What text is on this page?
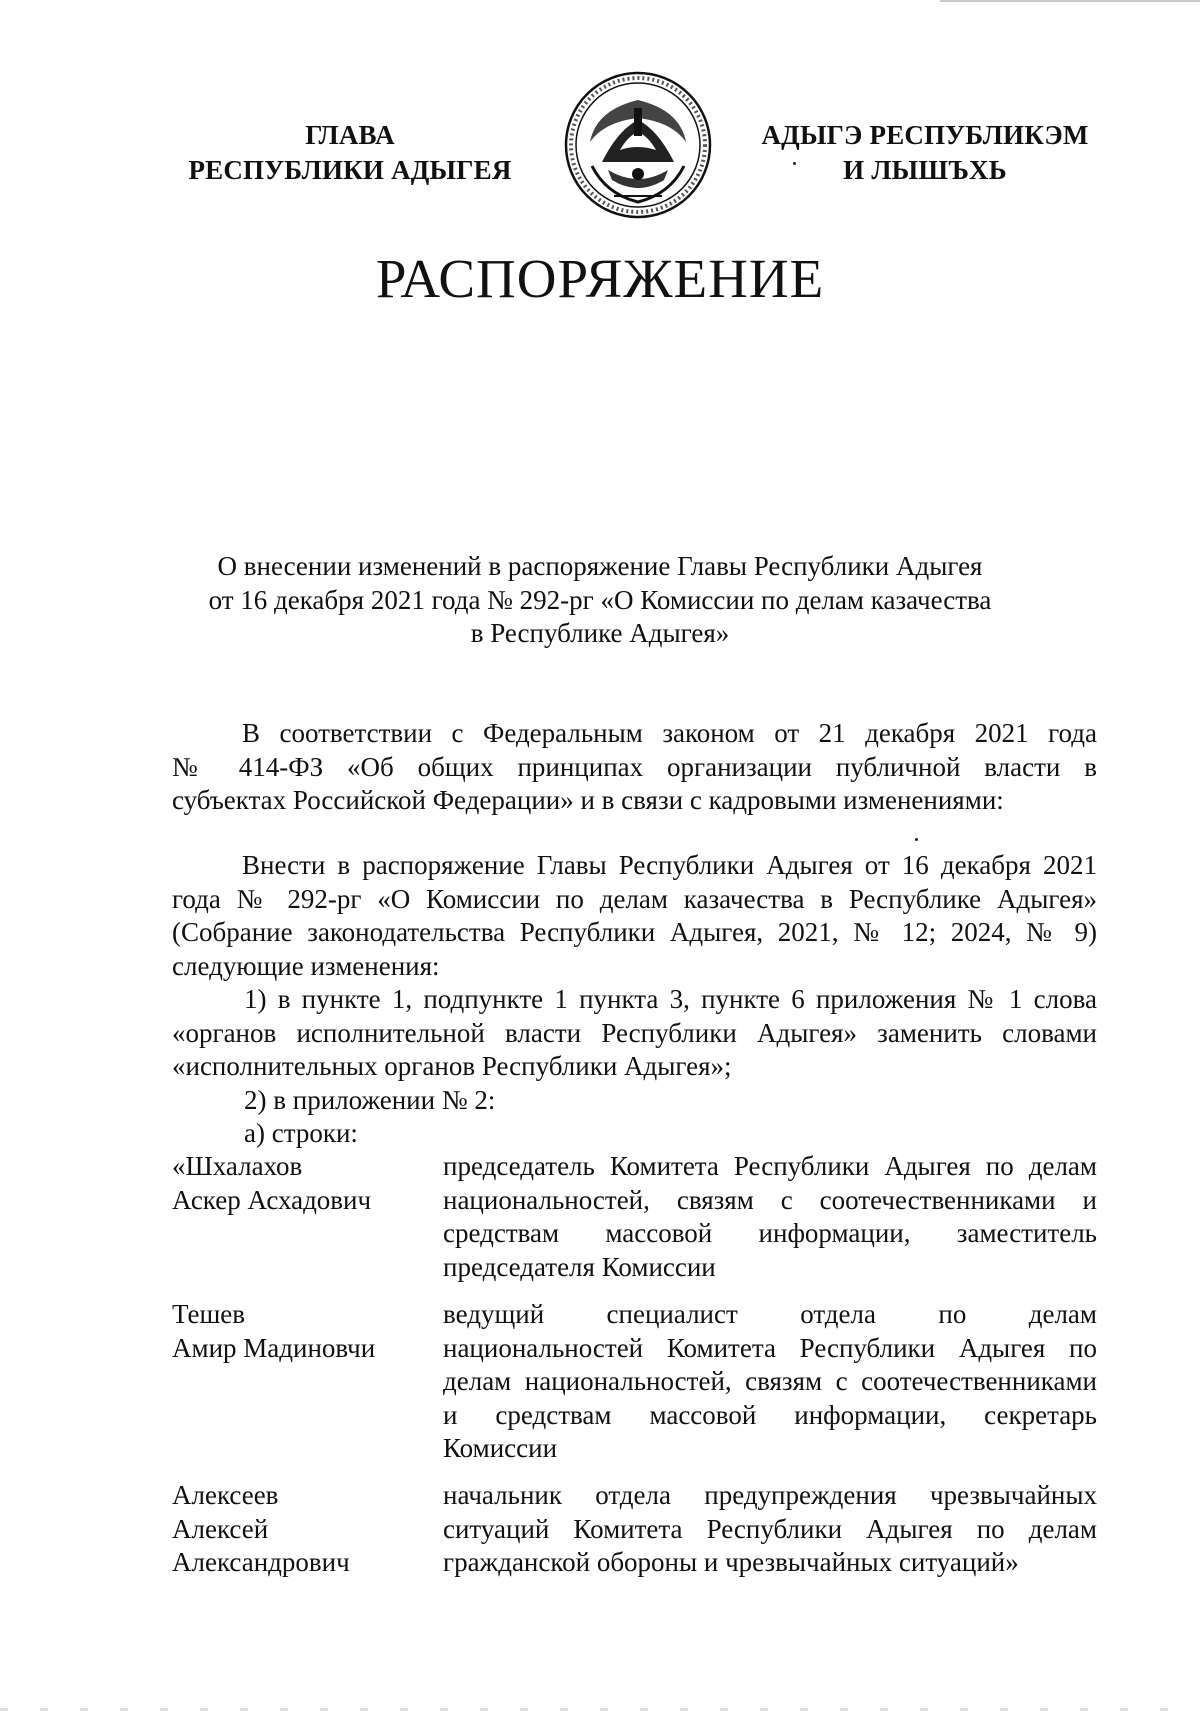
ГЛАВА
РЕСПУБЛИКИ АДЫГЕЯ
АДЫГЭ РЕСПУБЛИКЭМ
И ЛЫШЪХЬ
РАСПОРЯЖЕНИЕ
О внесении изменений в распоряжение Главы Республики Адыгея
от 16 декабря 2021 года № 292-рг «О Комиссии по делам казачества
в Республике Адыгея»
В соответствии с Федеральным законом от 21 декабря 2021 года
№ 414-ФЗ «Об общих принципах организации публичной власти в
субъектах Российской Федерации» и в связи с кадровыми изменениями:
Внести в распоряжение Главы Республики Адыгея от 16 декабря 2021
года № 292-рг «О Комиссии по делам казачества в Республике Адыгея»
(Собрание законодательства Республики Адыгея, 2021, № 12; 2024, № 9)
следующие изменения:
1) в пункте 1, подпункте 1 пункта 3, пункте 6 приложения № 1 слова
«органов исполнительной власти Республики Адыгея» заменить словами
«исполнительных органов Республики Адыгея»;
2) в приложении № 2:
а) строки:
«Шхалахов
Аскер Асхадович
председатель Комитета Республики Адыгея по делам
национальностей, связям с соотечественниками и
средствам массовой информации, заместитель
председателя Комиссии
Тешев
Амир Мадиновчи
ведущий специалист отдела по делам
национальностей Комитета Республики Адыгея по
делам национальностей, связям с соотечественниками
и средствам массовой информации, секретарь
Комиссии
Алексеев
Алексей
Александрович
начальник отдела предупреждения чрезвычайных
ситуаций Комитета Республики Адыгея по делам
гражданской обороны и чрезвычайных ситуаций»
